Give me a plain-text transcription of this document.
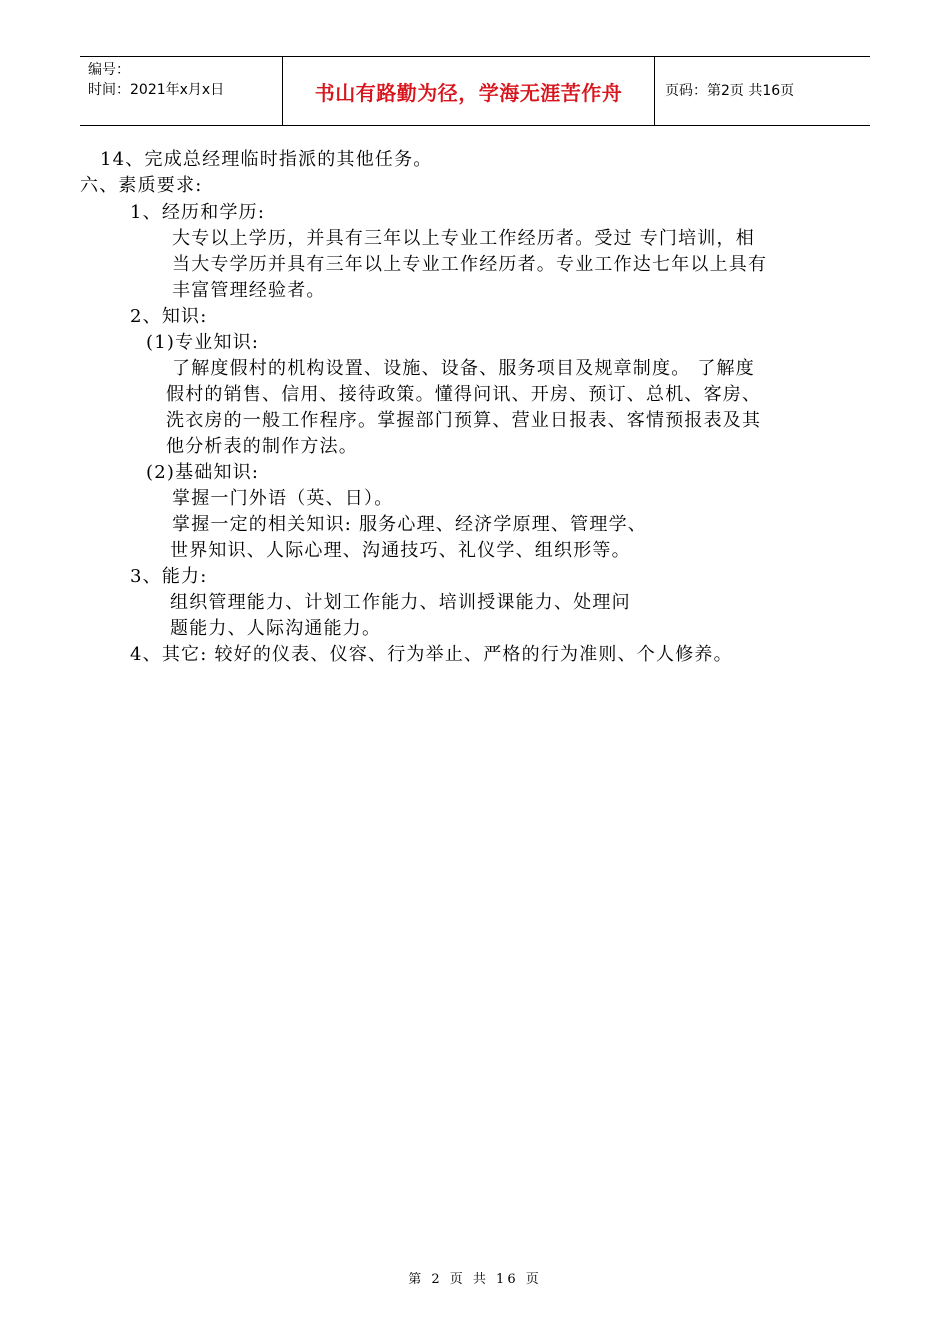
编号：
时间：2021年x月x日	书山有路勤为径，学海无涯苦作舟	页码：第2页 共16页
14、完成总经理临时指派的其他任务。
六、素质要求:
1、经历和学历:
大专以上学历，并具有三年以上专业工作经历者。受过 专门培训，相
当大专学历并具有三年以上专业工作经历者。专业工作达七年以上具有
丰富管理经验者。
2、知识:
(1)专业知识:
了解度假村的机构设置、设施、设备、服务项目及规章制度。 了解度
假村的销售、信用、接待政策。懂得问讯、开房、预订、总机、客房、
洗衣房的一般工作程序。掌握部门预算、营业日报表、客情预报表及其
他分析表的制作方法。
(2)基础知识:
掌握一门外语（英、日）。
掌握一定的相关知识: 服务心理、经济学原理、管理学、
世界知识、人际心理、沟通技巧、礼仪学、组织形等。
3、能力:
组织管理能力、计划工作能力、培训授课能力、处理问
题能力、人际沟通能力。
4、其它: 较好的仪表、仪容、行为举止、严格的行为准则、个人修养。
第 2 页 共 16 页
